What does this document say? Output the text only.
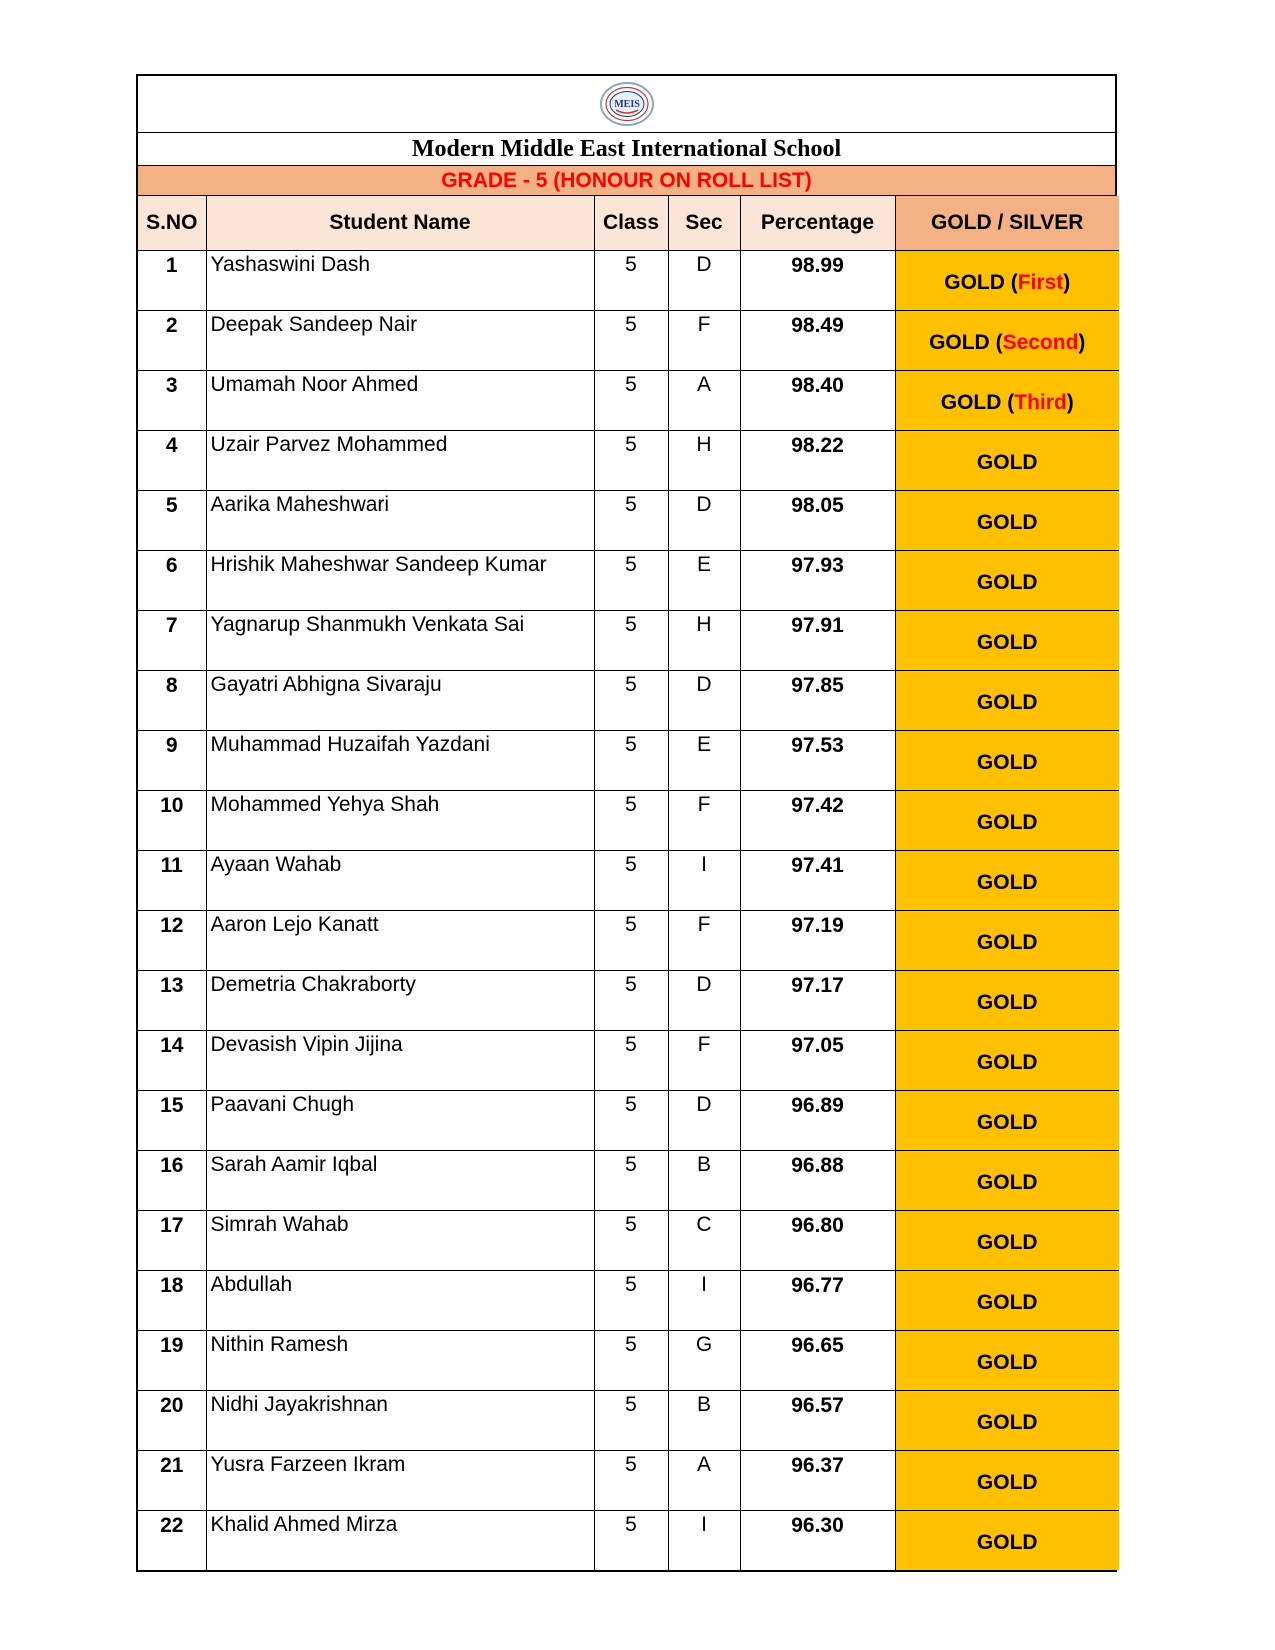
MEIS
Modern Middle East International School
GRADE - 5 (HONOUR ON ROLL LIST)
S.NO	Student Name	Class	Sec	Percentage	GOLD / SILVER
1	Yashaswini Dash	5	D	98.99	GOLD (First)
2	Deepak Sandeep Nair	5	F	98.49	GOLD (Second)
3	Umamah Noor Ahmed	5	A	98.40	GOLD (Third)
4	Uzair Parvez Mohammed	5	H	98.22	GOLD
5	Aarika Maheshwari	5	D	98.05	GOLD
6	Hrishik Maheshwar Sandeep Kumar	5	E	97.93	GOLD
7	Yagnarup Shanmukh Venkata Sai	5	H	97.91	GOLD
8	Gayatri Abhigna Sivaraju	5	D	97.85	GOLD
9	Muhammad Huzaifah Yazdani	5	E	97.53	GOLD
10	Mohammed Yehya Shah	5	F	97.42	GOLD
11	Ayaan Wahab	5	I	97.41	GOLD
12	Aaron Lejo Kanatt	5	F	97.19	GOLD
13	Demetria Chakraborty	5	D	97.17	GOLD
14	Devasish Vipin Jijina	5	F	97.05	GOLD
15	Paavani Chugh	5	D	96.89	GOLD
16	Sarah Aamir Iqbal	5	B	96.88	GOLD
17	Simrah Wahab	5	C	96.80	GOLD
18	Abdullah	5	I	96.77	GOLD
19	Nithin Ramesh	5	G	96.65	GOLD
20	Nidhi Jayakrishnan	5	B	96.57	GOLD
21	Yusra Farzeen Ikram	5	A	96.37	GOLD
22	Khalid Ahmed Mirza	5	I	96.30	GOLD
